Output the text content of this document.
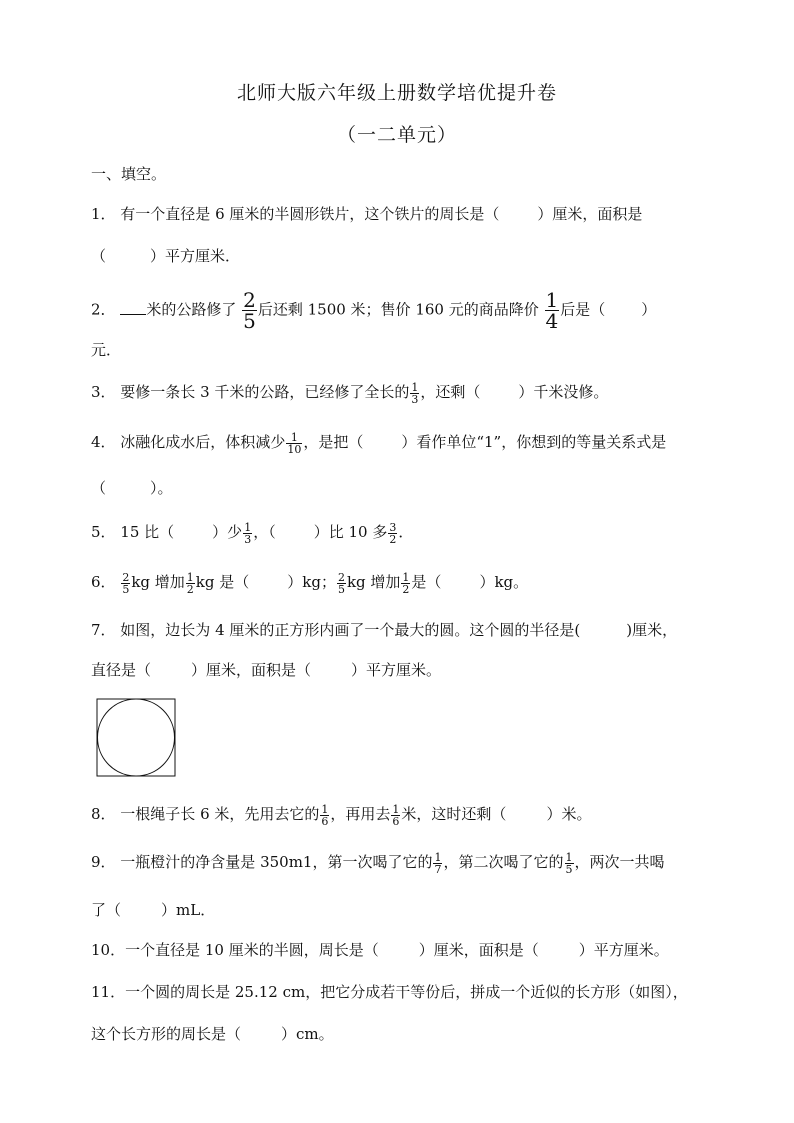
北师大版六年级上册数学培优提升卷
（一二单元）
一、填空。
1． 有一个直径是 6 厘米的半圆形铁片，这个铁片的周长是（	）厘米，面积是
（	）平方厘米．
2． 米的公路修了 $\frac{2}{5}$ 后还剩 1500 米；售价 160 元的商品降价 $\frac{1}{4}$ 后是（ ）
元．
3． 要修一条长 3 千米的公路，已经修了全长的 $\frac{1}{3}$ ，还剩（	）千米没修。
4． 冰融化成水后，体积减少 $\frac{1}{10}$ ，是把（	）看作单位“1”，你想到的等量关系式是
（	）。
5． 15 比（	）少 $\frac{1}{3}$ ，（	）比 10 多 $\frac{3}{2}$ ．
6． $\frac{2}{5}$ kg 增加 $\frac{1}{2}$ kg 是（	）kg； $\frac{2}{5}$ kg 增加 $\frac{1}{2}$ 是（	）kg。
7． 如图，边长为 4 厘米的正方形内画了一个最大的圆。这个圆的半径是(	)厘米，
直径是（	）厘米，面积是（	）平方厘米。
8． 一根绳子长 6 米，先用去它的 $\frac{1}{6}$ ，再用去 $\frac{1}{6}$ 米，这时还剩（	）米。
9． 一瓶橙汁的净含量是 350m1，第一次喝了它的 $\frac{1}{7}$ ，第二次喝了它的 $\frac{1}{5}$ ，两次一共喝
了（	）mL．
10．一个直径是 10 厘米的半圆，周长是（	）厘米，面积是（	）平方厘米。
11．一个圆的周长是 25.12 cm，把它分成若干等份后，拼成一个近似的长方形（如图），
这个长方形的周长是（	）cm。
